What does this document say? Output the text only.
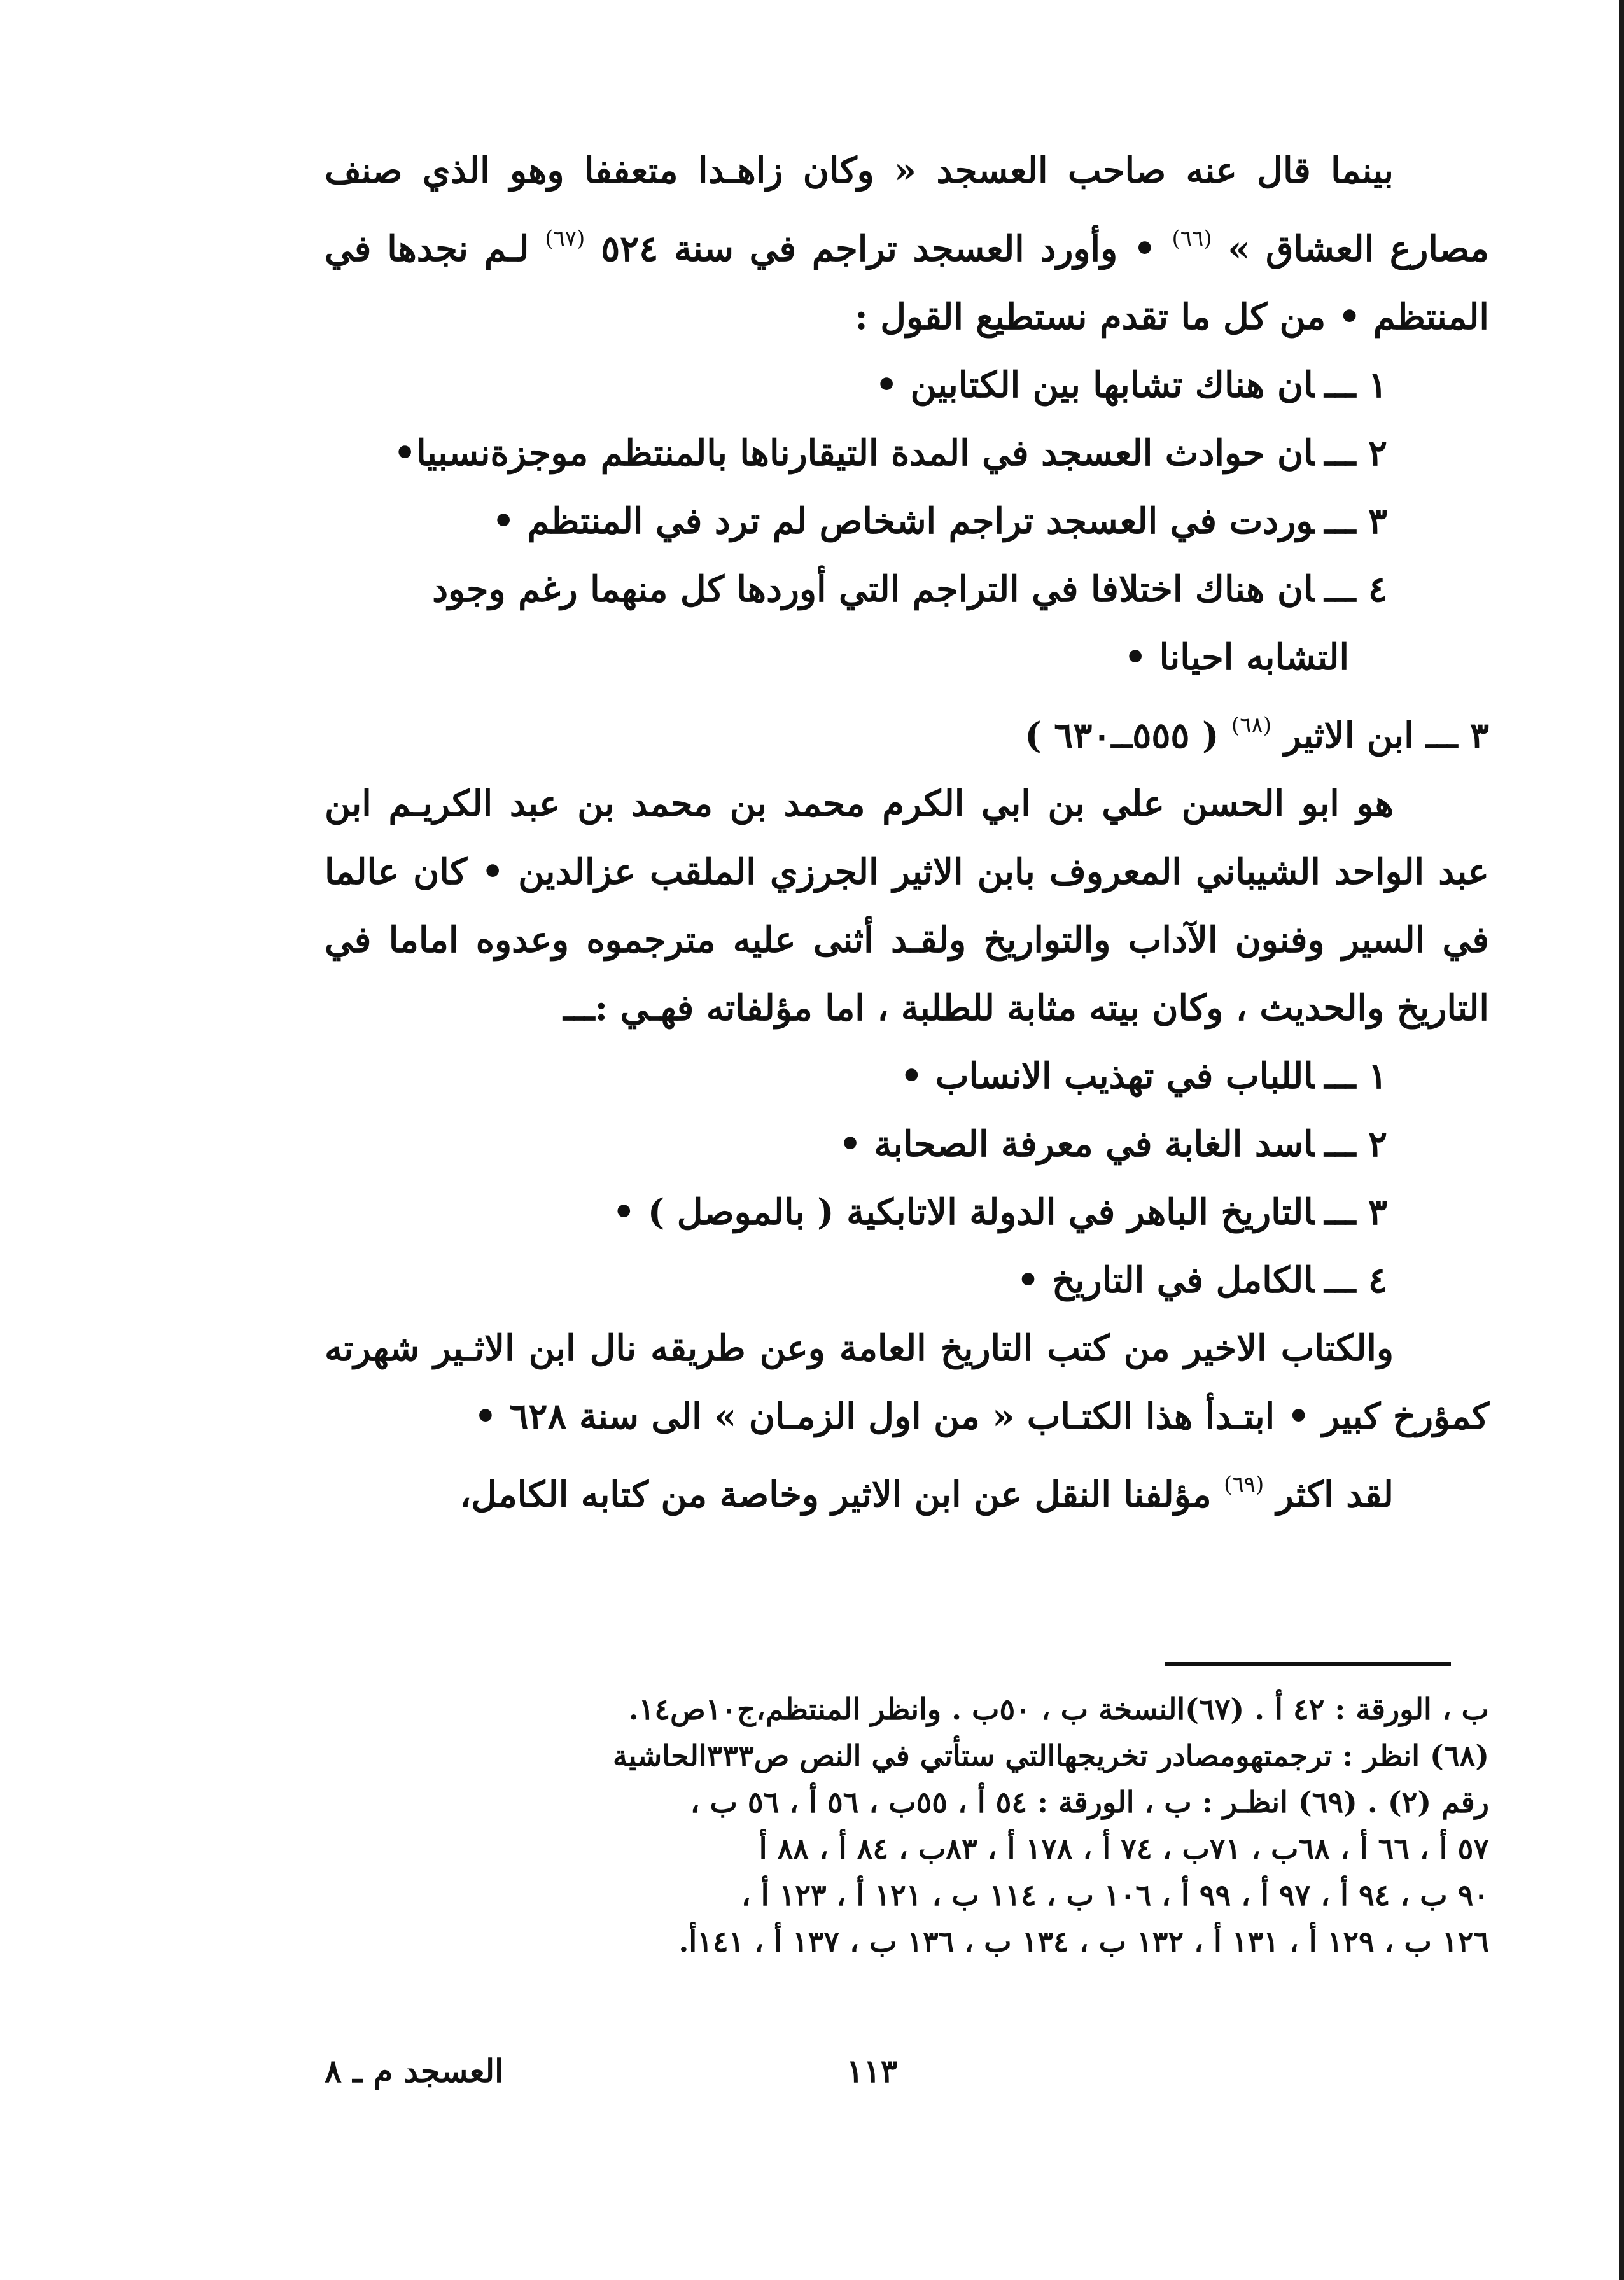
بينما قال عنه صاحب العسجد « وكان زاهـدا متعففا وهو الذي صنف مصارع العشاق » $^{(٦٦)}$ • وأورد العسجد تراجم في سنة ٥٢٤ $^{(٦٧)}$ لـم نجدها في المنتظم • من كل ما تقدم نستطيع القول :

١ ـــان هناك تشابها بين الكتابين •

٢ ـــان حوادث العسجد في المدة التيقارناها بالمنتظم موجزةنسبيا•

٣ ـــوردت في العسجد تراجم اشخاص لم ترد في المنتظم •

٤ ـــان هناك اختلافا في التراجم التي أوردها كل منهما رغم وجود

التشابه احيانا •

٣ ـــ ابن الاثير $^{(٦٨)}$ ( ٥٥٥ــ٦٣٠ )

هو ابو الحسن علي بن ابي الكرم محمد بن محمد بن عبد الكريـم ابن عبد الواحد الشيباني المعروف بابن الاثير الجرزي الملقب عزالدين • كان عالما في السير وفنون الآداب والتواريخ ولقـد أثنى عليه مترجموه وعدوه اماما في التاريخ والحديث ، وكان بيته مثابة للطلبة ، اما مؤلفاته فهـي :ـــ

١ ـــاللباب في تهذيب الانساب •

٢ ـــاسد الغابة في معرفة الصحابة •

٣ ـــالتاريخ الباهر في الدولة الاتابكية ( بالموصل ) •

٤ ـــالكامل في التاريخ •

والكتاب الاخير من كتب التاريخ العامة وعن طريقه نال ابن الاثـير شهرته كمؤرخ كبير • ابتـدأ هذا الكتـاب « من اول الزمـان » الى سنة ٦٢٨ •

لقد اكثر $^{(٦٩)}$ مؤلفنا النقل عن ابن الاثير وخاصة من كتابه الكامل،

ب ، الورقة : ٤٢ أ . (٦٧)النسخة ب ، ٥٠ب . وانظر المنتظم،ج١٠ص١٤.

(٦٨) انظر : ترجمتهومصادر تخريجهاالتي ستأتي في النص ص٣٣٣الحاشية

رقم (٢) . (٦٩) انظـر : ب ، الورقة : ٥٤ أ ، ٥٥ب ، ٥٦ أ ، ٥٦ ب ،

٥٧ أ ، ٦٦ أ ، ٦٨ب ، ٧١ب ، ٧٤ أ ، ١٧٨ أ ، ٨٣ب ، ٨٤ أ ، ٨٨ أ

٩٠ ب ، ٩٤ أ ، ٩٧ أ ، ٩٩ أ ، ١٠٦ ب ، ١١٤ ب ، ١٢١ أ ، ١٢٣ أ ،

١٢٦ ب ، ١٢٩ أ ، ١٣١ أ ، ١٣٢ ب ، ١٣٤ ب ، ١٣٦ ب ، ١٣٧ أ ، ١٤١أ.

١١٣
العسجد م ـ ٨
